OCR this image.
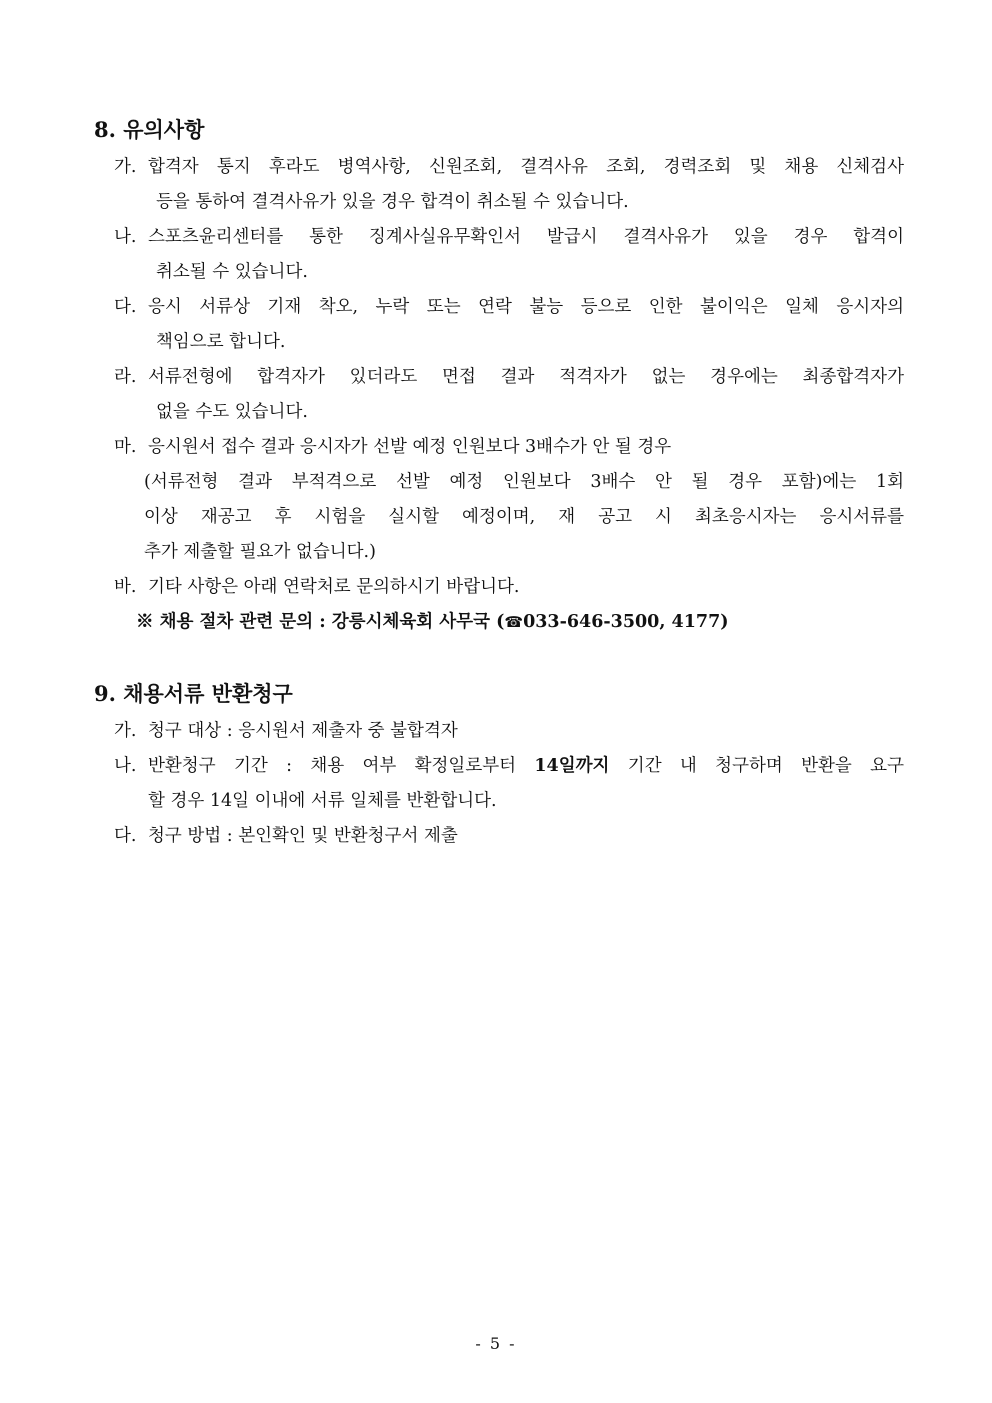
8. 유의사항
가. 합격자 통지 후라도 병역사항, 신원조회, 결격사유 조회, 경력조회 및 채용 신체검사
등을 통하여 결격사유가 있을 경우 합격이 취소될 수 있습니다.
나. 스포츠윤리센터를 통한 징계사실유무확인서 발급시 결격사유가 있을 경우 합격이
취소될 수 있습니다.
다. 응시 서류상 기재 착오, 누락 또는 연락 불능 등으로 인한 불이익은 일체 응시자의
책임으로 합니다.
라. 서류전형에 합격자가 있더라도 면접 결과 적격자가 없는 경우에는 최종합격자가
없을 수도 있습니다.
마. 응시원서 접수 결과 응시자가 선발 예정 인원보다 3배수가 안 될 경우
(서류전형 결과 부적격으로 선발 예정 인원보다 3배수 안 될 경우 포함)에는 1회
이상 재공고 후 시험을 실시할 예정이며, 재 공고 시 최초응시자는 응시서류를
추가 제출할 필요가 없습니다.)
바. 기타 사항은 아래 연락처로 문의하시기 바랍니다.
※ 채용 절차 관련 문의 : 강릉시체육회 사무국 (☎033-646-3500, 4177)
9. 채용서류 반환청구
가. 청구 대상 : 응시원서 제출자 중 불합격자
나. 반환청구 기간 : 채용 여부 확정일로부터 14일까지 기간 내 청구하며 반환을 요구
할 경우 14일 이내에 서류 일체를 반환합니다.
다. 청구 방법 : 본인확인 및 반환청구서 제출
- 5 -
